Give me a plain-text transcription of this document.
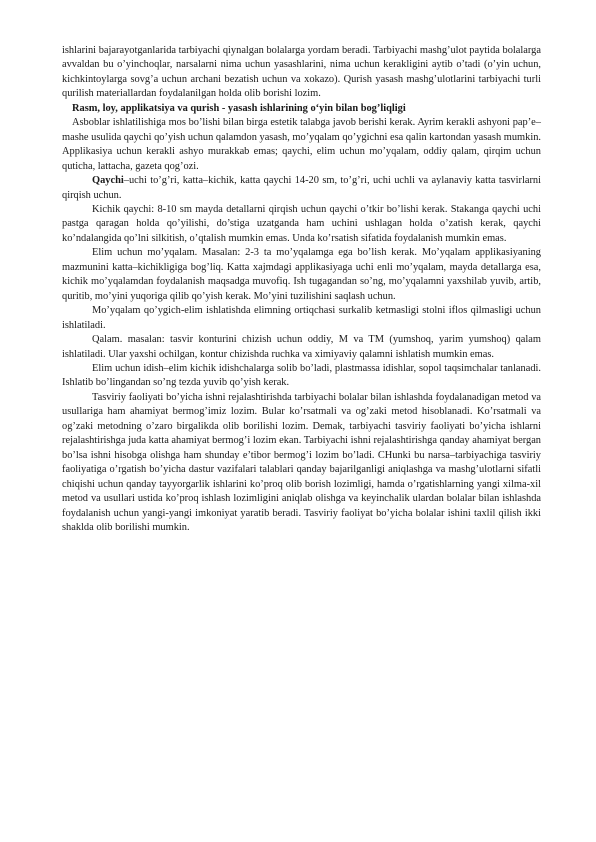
ishlarini bajarayotganlarida tarbiyachi qiynalgan bolalarga yordam beradi. Tarbiyachi mashg’ulot paytida bolalarga avvaldan bu o’yinchoqlar, narsalarni nima uchun yasashlarini, nima uchun kerakligini aytib o’tadi (o’yin uchun, kichkintoylarga sovg’a uchun archani bezatish uchun va xokazo). Qurish yasash mashg’ulotlarini tarbiyachi turli qurilish materiallardan foydalanilgan holda olib borishi lozim.

Rasm, loy, applikatsiya va qurish - yasash ishlarining o‘yin bilan bog’liqligi

Asboblar ishlatilishiga mos bo’lishi bilan birga estetik talabga javob berishi kerak. Ayrim kerakli ashyoni pap’e–mashe usulida qaychi qo’yish uchun qalamdon yasash, mo’yqalam qo’ygichni esa qalin kartondan yasash mumkin. Applikasiya uchun kerakli ashyo murakkab emas; qaychi, elim uchun mo’yqalam, oddiy qalam, qirqim uchun quticha, lattacha, gazeta qog’ozi.

Qaychi–uchi to’g’ri, katta–kichik, katta qaychi 14-20 sm, to’g’ri, uchi uchli va aylanaviy katta tasvirlarni qirqish uchun.

Kichik qaychi: 8-10 sm mayda detallarni qirqish uchun qaychi o’tkir bo’lishi kerak. Stakanga qaychi uchi pastga qaragan holda qo’yilishi, do’stiga uzatganda ham uchini ushlagan holda o’zatish kerak, qaychi ko’ndalangida qo’lni silkitish, o’qtalish mumkin emas. Unda ko’rsatish sifatida foydalanish mumkin emas.

Elim uchun mo’yqalam. Masalan: 2-3 ta mo’yqalamga ega bo’lish kerak. Mo’yqalam applikasiyaning mazmunini katta–kichikligiga bog’liq. Katta xajmdagi applikasiyaga uchi enli mo’yqalam, mayda detallarga esa, kichik mo’yqalamdan foydalanish maqsadga muvofiq. Ish tugagandan so’ng, mo’yqalamni yaxshilab yuvib, artib, quritib, mo’yini yuqoriga qilib qo’yish kerak. Mo’yini tuzilishini saqlash uchun.

Mo’yqalam qo’ygich-elim ishlatishda elimning ortiqchasi surkalib ketmasligi stolni iflos qilmasligi uchun ishlatiladi.

Qalam. masalan: tasvir konturini chizish uchun oddiy, M va TM (yumshoq, yarim yumshoq) qalam ishlatiladi. Ular yaxshi ochilgan, kontur chizishda ruchka va ximiyaviy qalamni ishlatish mumkin emas.

Elim uchun idish–elim kichik idishchalarga solib bo’ladi, plastmassa idishlar, sopol taqsimchalar tanlanadi. Ishlatib bo’lingandan so’ng tezda yuvib qo’yish kerak.

Tasviriy faoliyati bo’yicha ishni rejalashtirishda tarbiyachi bolalar bilan ishlashda foydalanadigan metod va usullariga ham ahamiyat bermog’imiz lozim. Bular ko’rsatmali va og’zaki metod hisoblanadi. Ko’rsatmali va og’zaki metodning o’zaro birgalikda olib borilishi lozim. Demak, tarbiyachi tasviriy faoliyati bo’yicha ishlarni rejalashtirishga juda katta ahamiyat bermog’i lozim ekan. Tarbiyachi ishni rejalashtirishga qanday ahamiyat bergan bo’lsa ishni hisobga olishga ham shunday e’tibor bermog’i lozim bo’ladi. CHunki bu narsa–tarbiyachiga tasviriy faoliyatiga o’rgatish bo’yicha dastur vazifalari talablari qanday bajarilganligi aniqlashga va mashg’ulotlarni sifatli chiqishi uchun qanday tayyorgarlik ishlarini ko’proq olib borish lozimligi, hamda o’rgatishlarning yangi xilma-xil metod va usullari ustida ko’proq ishlash lozimligini aniqlab olishga va keyinchalik ulardan bolalar bilan ishlashda foydalanish uchun yangi-yangi imkoniyat yaratib beradi. Tasviriy faoliyat bo’yicha bolalar ishini taxlil qilish ikki shaklda olib borilishi mumkin.
